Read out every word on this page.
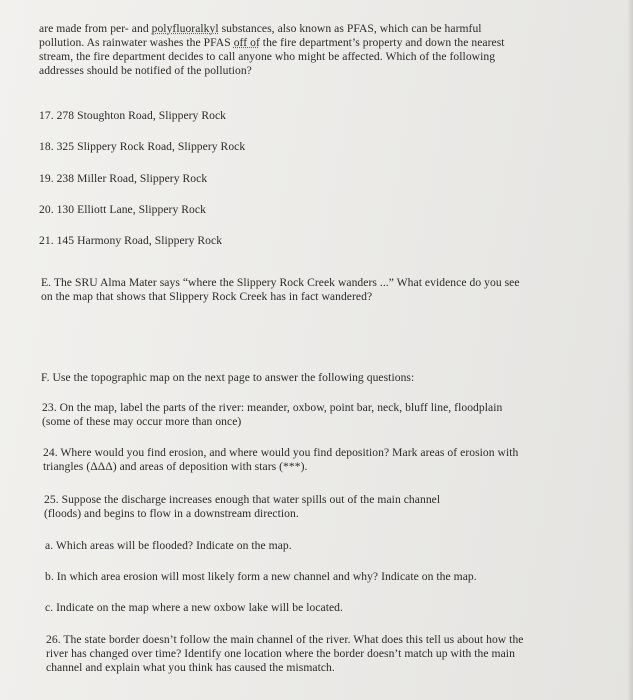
are made from per- and polyfluoralkyl substances, also known as PFAS, which can be harmful

pollution. As rainwater washes the PFAS off of the fire department’s property and down the nearest

stream, the fire department decides to call anyone who might be affected. Which of the following

addresses should be notified of the pollution?

17. 278 Stoughton Road, Slippery Rock
18. 325 Slippery Rock Road, Slippery Rock
19. 238 Miller Road, Slippery Rock
20. 130 Elliott Lane, Slippery Rock
21. 145 Harmony Road, Slippery Rock

E. The SRU Alma Mater says “where the Slippery Rock Creek wanders ...” What evidence do you see

on the map that shows that Slippery Rock Creek has in fact wandered?

F. Use the topographic map on the next page to answer the following questions:

23. On the map, label the parts of the river: meander, oxbow, point bar, neck, bluff line, floodplain

(some of these may occur more than once)

24. Where would you find erosion, and where would you find deposition? Mark areas of erosion with

triangles (ΔΔΔ) and areas of deposition with stars (***).

25. Suppose the discharge increases enough that water spills out of the main channel

(floods) and begins to flow in a downstream direction.

a. Which areas will be flooded? Indicate on the map.
b. In which area erosion will most likely form a new channel and why? Indicate on the map.
c. Indicate on the map where a new oxbow lake will be located.

26. The state border doesn’t follow the main channel of the river. What does this tell us about how the

river has changed over time? Identify one location where the border doesn’t match up with the main

channel and explain what you think has caused the mismatch.
